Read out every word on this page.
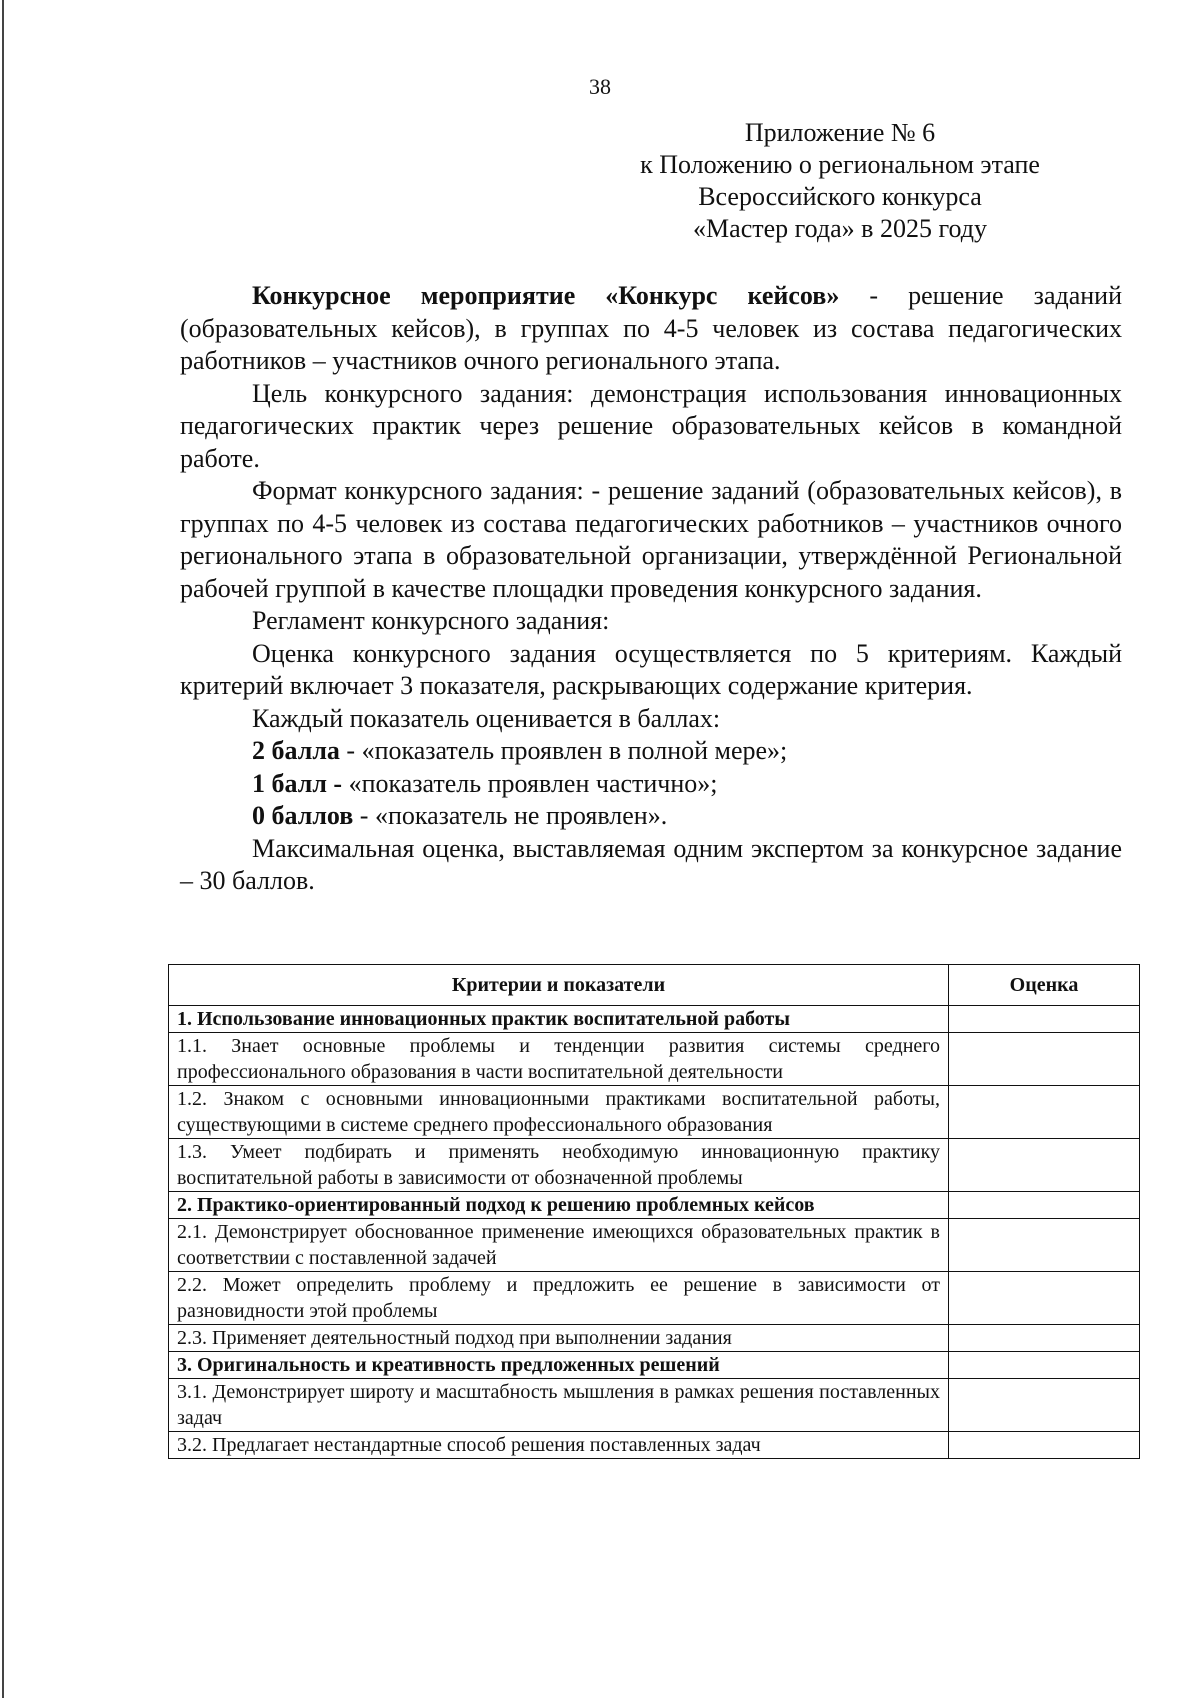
38
Приложение № 6
к Положению о региональном этапе
Всероссийского конкурса
«Мастер года» в 2025 году

Конкурсное мероприятие «Конкурс кейсов» - решение заданий (образовательных кейсов), в группах по 4-5 человек из состава педагогических работников – участников очного регионального этапа.

Цель конкурсного задания: демонстрация использования инновационных педагогических практик через решение образовательных кейсов в командной работе.

Формат конкурсного задания: - решение заданий (образовательных кейсов), в группах по 4-5 человек из состава педагогических работников – участников очного регионального этапа в образовательной организации, утверждённой Региональной рабочей группой в качестве площадки проведения конкурсного задания.

Регламент конкурсного задания:

Оценка конкурсного задания осуществляется по 5 критериям. Каждый критерий включает 3 показателя, раскрывающих содержание критерия.

Каждый показатель оценивается в баллах:

2 балла - «показатель проявлен в полной мере»;

1 балл - «показатель проявлен частично»;

0 баллов - «показатель не проявлен».

Максимальная оценка, выставляемая одним экспертом за конкурсное задание – 30 баллов.

Критерии и показатели	Оценка
1. Использование инновационных практик воспитательной работы	
1.1. Знает основные проблемы и тенденции развития системы среднего профессионального образования в части воспитательной деятельности	
1.2. Знаком с основными инновационными практиками воспитательной работы, существующими в системе среднего профессионального образования	
1.3. Умеет подбирать и применять необходимую инновационную практику воспитательной работы в зависимости от обозначенной проблемы	
2. Практико-ориентированный подход к решению проблемных кейсов	
2.1. Демонстрирует обоснованное применение имеющихся образовательных практик в соответствии с поставленной задачей	
2.2. Может определить проблему и предложить ее решение в зависимости от разновидности этой проблемы	
2.3. Применяет деятельностный подход при выполнении задания	
3. Оригинальность и креативность предложенных решений	
3.1. Демонстрирует широту и масштабность мышления в рамках решения поставленных задач	
3.2. Предлагает нестандартные способ решения поставленных задач	
